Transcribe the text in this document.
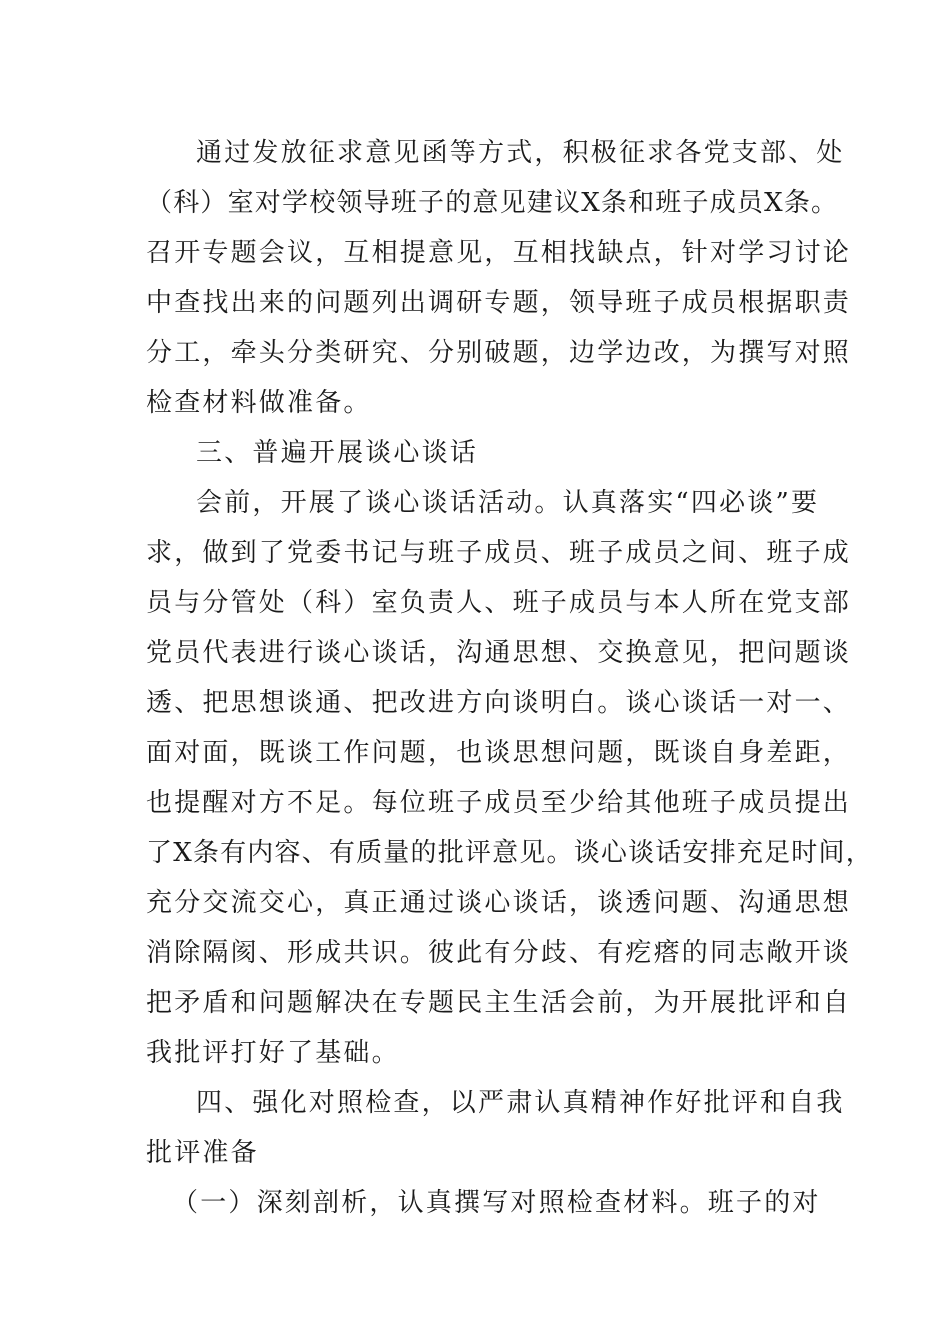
通过发放征求意见函等方式，积极征求各党支部、处
（科）室对学校领导班子的意见建议X条和班子成员X条。
召开专题会议，互相提意见，互相找缺点，针对学习讨论
中查找出来的问题列出调研专题，领导班子成员根据职责
分工，牵头分类研究、分别破题，边学边改，为撰写对照
检查材料做准备。
三、普遍开展谈心谈话
会前，开展了谈心谈话活动。认真落实“四必谈”要
求，做到了党委书记与班子成员、班子成员之间、班子成
员与分管处（科）室负责人、班子成员与本人所在党支部
党员代表进行谈心谈话，沟通思想、交换意见，把问题谈
透、把思想谈通、把改进方向谈明白。谈心谈话一对一、
面对面，既谈工作问题，也谈思想问题，既谈自身差距，
也提醒对方不足。每位班子成员至少给其他班子成员提出
了X条有内容、有质量的批评意见。谈心谈话安排充足时间，
充分交流交心，真正通过谈心谈话，谈透问题、沟通思想
消除隔阂、形成共识。彼此有分歧、有疙瘩的同志敞开谈
把矛盾和问题解决在专题民主生活会前，为开展批评和自
我批评打好了基础。
四、强化对照检查，以严肃认真精神作好批评和自我
批评准备
（一）深刻剖析，认真撰写对照检查材料。班子的对
